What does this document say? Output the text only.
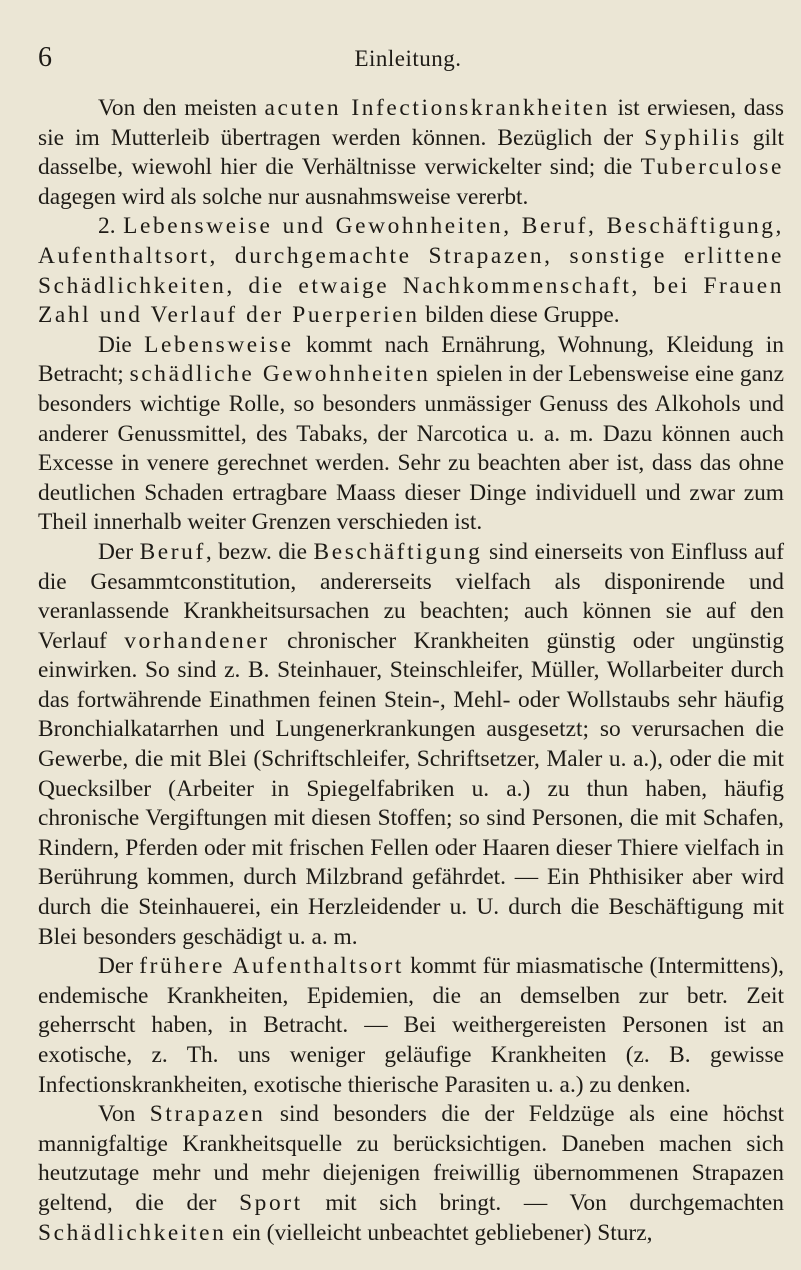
6	Einleitung.

Von den meisten acuten Infectionskrankheiten ist erwiesen, dass sie im Mutterleib übertragen werden können. Bezüglich der Syphilis gilt dasselbe, wiewohl hier die Verhältnisse verwickelter sind; die Tuberculose dagegen wird als solche nur ausnahmsweise vererbt.

2. Lebensweise und Gewohnheiten, Beruf, Beschäftigung, Aufenthaltsort, durchgemachte Strapazen, sonstige erlittene Schädlichkeiten, die etwaige Nachkommenschaft, bei Frauen Zahl und Verlauf der Puerperien bilden diese Gruppe.

Die Lebensweise kommt nach Ernährung, Wohnung, Kleidung in Betracht; schädliche Gewohnheiten spielen in der Lebensweise eine ganz besonders wichtige Rolle, so besonders unmässiger Genuss des Alkohols und anderer Genussmittel, des Tabaks, der Narcotica u. a. m. Dazu können auch Excesse in venere gerechnet werden. Sehr zu beachten aber ist, dass das ohne deutlichen Schaden ertragbare Maass dieser Dinge individuell und zwar zum Theil innerhalb weiter Grenzen verschieden ist.

Der Beruf, bezw. die Beschäftigung sind einerseits von Einfluss auf die Gesammtconstitution, andererseits vielfach als disponirende und veranlassende Krankheitsursachen zu beachten; auch können sie auf den Verlauf vorhandener chronischer Krankheiten günstig oder ungünstig einwirken. So sind z. B. Steinhauer, Steinschleifer, Müller, Wollarbeiter durch das fortwährende Einathmen feinen Stein-, Mehl- oder Wollstaubs sehr häufig Bronchialkatarrhen und Lungenerkrankungen ausgesetzt; so verursachen die Gewerbe, die mit Blei (Schriftschleifer, Schriftsetzer, Maler u. a.), oder die mit Quecksilber (Arbeiter in Spiegelfabriken u. a.) zu thun haben, häufig chronische Vergiftungen mit diesen Stoffen; so sind Personen, die mit Schafen, Rindern, Pferden oder mit frischen Fellen oder Haaren dieser Thiere vielfach in Berührung kommen, durch Milzbrand gefährdet. — Ein Phthisiker aber wird durch die Steinhauerei, ein Herzleidender u. U. durch die Beschäftigung mit Blei besonders geschädigt u. a. m.

Der frühere Aufenthaltsort kommt für miasmatische (Intermittens), endemische Krankheiten, Epidemien, die an demselben zur betr. Zeit geherrscht haben, in Betracht. — Bei weithergereisten Personen ist an exotische, z. Th. uns weniger geläufige Krankheiten (z. B. gewisse Infectionskrankheiten, exotische thierische Parasiten u. a.) zu denken.

Von Strapazen sind besonders die der Feldzüge als eine höchst mannigfaltige Krankheitsquelle zu berücksichtigen. Daneben machen sich heutzutage mehr und mehr diejenigen freiwillig übernommenen Strapazen geltend, die der Sport mit sich bringt. — Von durchgemachten Schädlichkeiten ein (vielleicht unbeachtet gebliebener) Sturz,
